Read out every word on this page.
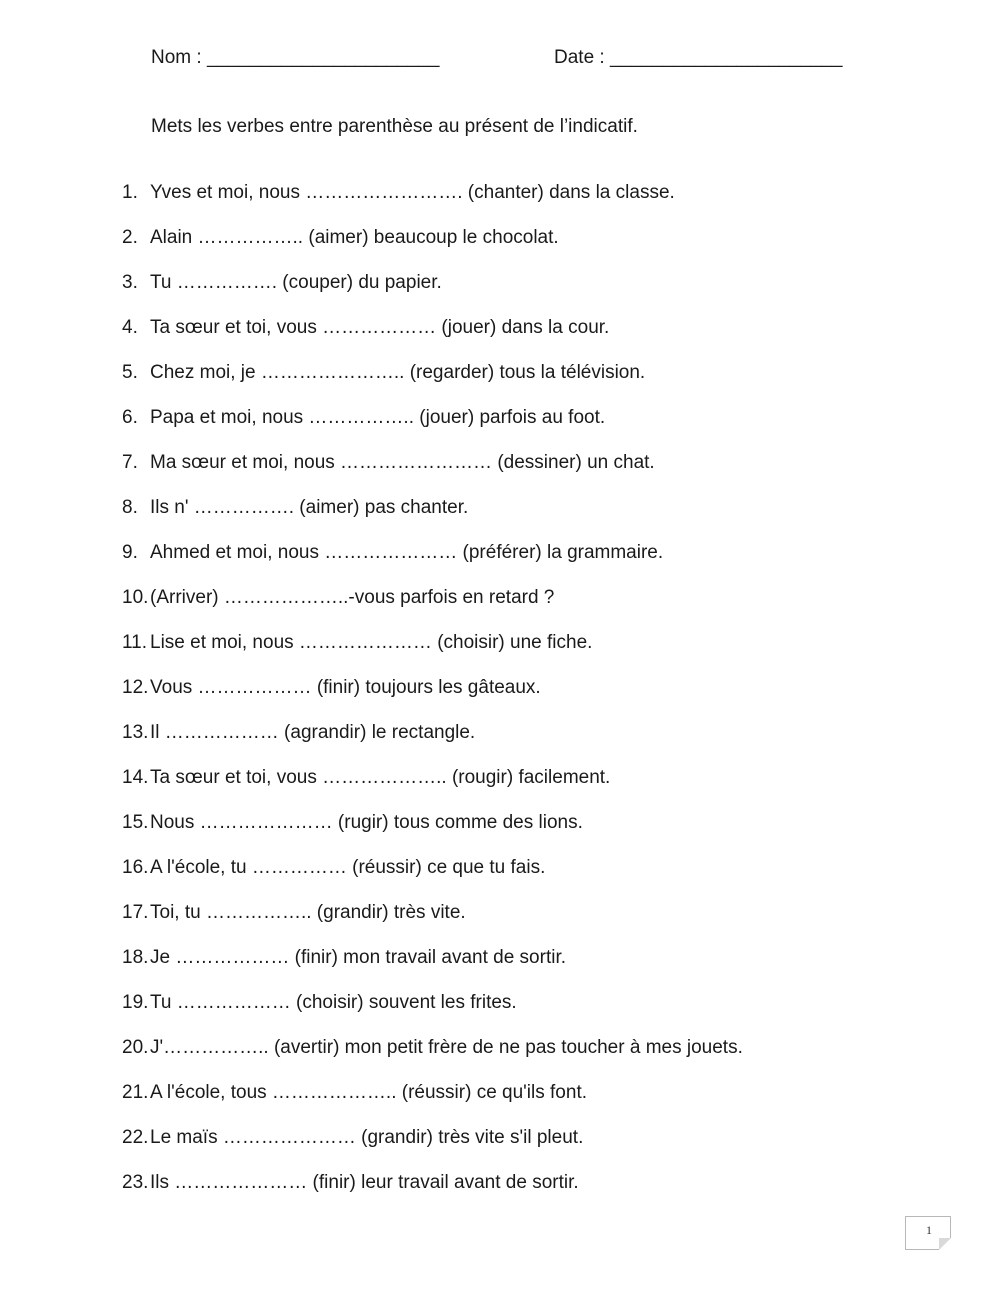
Nom : ______________________	Date : ______________________
Mets les verbes entre parenthèse au présent de l’indicatif.
1. Yves et moi, nous ……………………. (chanter) dans la classe.
2. Alain …………….. (aimer) beaucoup le chocolat.
3. Tu ……………. (couper) du papier.
4. Ta sœur et toi, vous ……………… (jouer) dans la cour.
5. Chez moi, je ………………….. (regarder) tous la télévision.
6. Papa et moi, nous …………….. (jouer) parfois au foot.
7. Ma sœur et moi, nous …………………… (dessiner) un chat.
8. Ils n' ……………. (aimer) pas chanter.
9. Ahmed et moi, nous ………………… (préférer) la grammaire.
10. (Arriver) ………………..-vous parfois en retard ?
11. Lise et moi, nous ………………… (choisir) une fiche.
12. Vous ……………… (finir) toujours les gâteaux.
13. Il ……………… (agrandir) le rectangle.
14. Ta sœur et toi, vous ……………….. (rougir) facilement.
15. Nous ………………… (rugir) tous comme des lions.
16. A l'école, tu …………… (réussir) ce que tu fais.
17. Toi, tu …………….. (grandir) très vite.
18. Je ……………… (finir) mon travail avant de sortir.
19. Tu ……………… (choisir) souvent les frites.
20. J'…………….. (avertir) mon petit frère de ne pas toucher à mes jouets.
21. A l'école, tous ……………….. (réussir) ce qu'ils font.
22. Le maïs ………………… (grandir) très vite s'il pleut.
23. Ils ………………… (finir) leur travail avant de sortir.
1
